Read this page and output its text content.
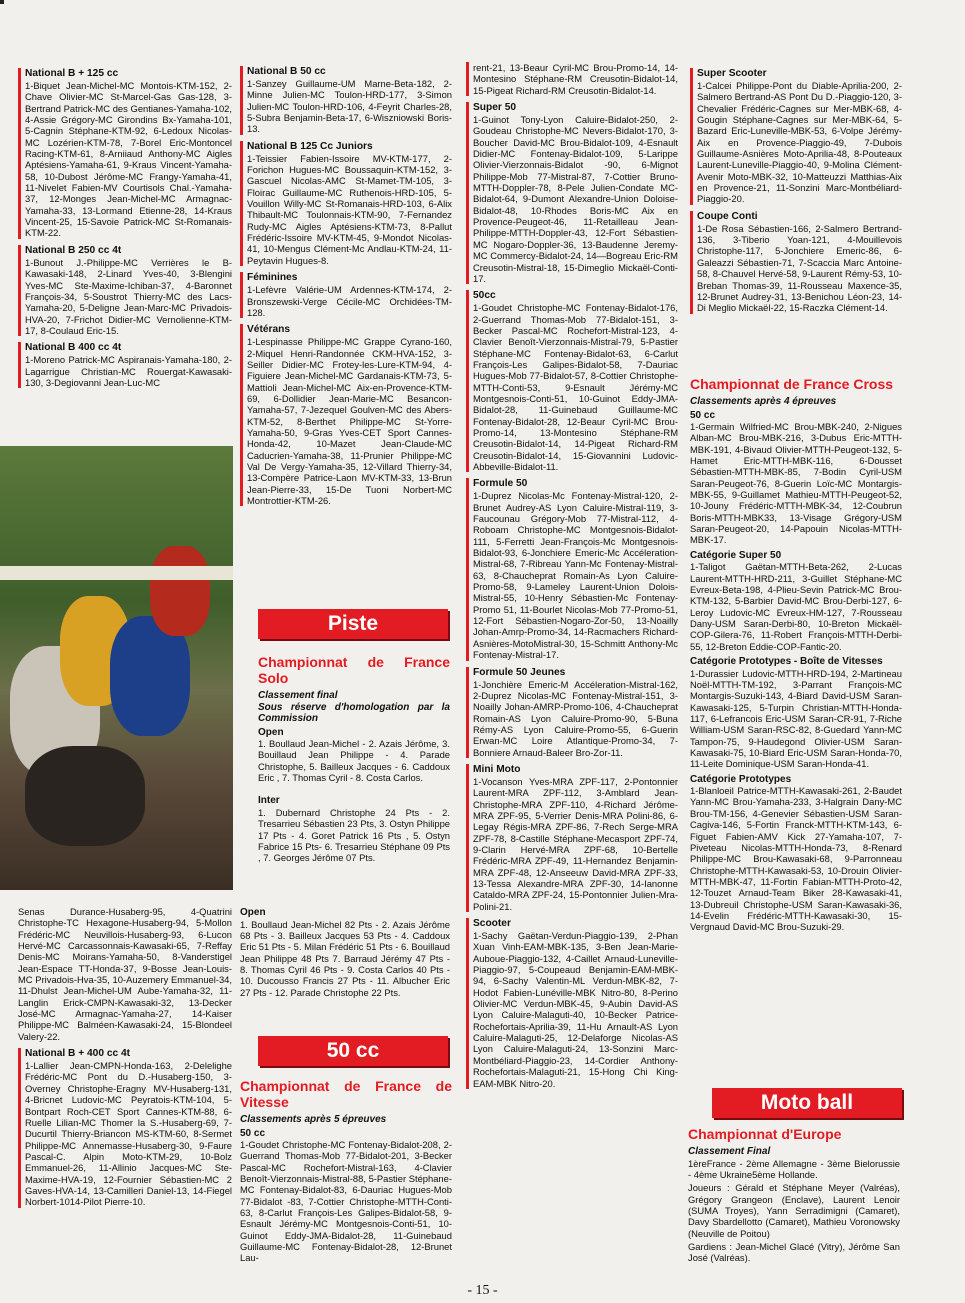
National B + 125 cc

1-Biquet Jean-Michel-MC Montois-KTM-152, 2-Chave Olivier-MC St-Marcel-Gas Gas-128, 3-Bertrand Patrick-MC des Gentianes-Yamaha-102, 4-Assie Grégory-MC Girondins Bx-Yamaha-101, 5-Cagnin Stéphane-KTM-92, 6-Ledoux Nicolas-MC Lozérien-KTM-78, 7-Borel Eric-Montoncel Racing-KTM-61, 8-Arniiaud Anthony-MC Aigles Aptésiens-Yamaha-61, 9-Kraus Vincent-Yamaha-58, 10-Dubost Jérôme-MC Frangy-Yamaha-41, 11-Nivelet Fabien-MV Courtisols Chal.-Yamaha-37, 12-Monges Jean-Michel-MC Armagnac-Yamaha-33, 13-Lormand Etienne-28, 14-Kraus Vincent-25, 15-Savoie Patrick-MC St-Romanais-KTM-22.

National B 250 cc 4t

1-Bunout J.-Philippe-MC Verrières le B-Kawasaki-148, 2-Linard Yves-40, 3-Blengini Yves-MC Ste-Maxime-Ichiban-37, 4-Baronnet François-34, 5-Soustrot Thierry-MC des Lacs-Yamaha-20, 5-Deligne Jean-Marc-MC Privadois-HVA-20, 7-Frichot Didier-MC Vernolienne-KTM-17, 8-Coulaud Eric-15.

National B 400 cc 4t

1-Moreno Patrick-MC Aspiranais-Yamaha-180, 2-Lagarrigue Christian-MC Rouergat-Kawasaki-130, 3-Degiovanni Jean-Luc-MC

Senas Durance-Husaberg-95, 4-Quatrini Christophe-TC Hexagone-Husaberg-94, 5-Mollon Frédéric-MC Neuvillois-Husaberg-93, 6-Lucon Hervé-MC Carcassonnais-Kawasaki-65, 7-Reffay Denis-MC Moirans-Yamaha-50, 8-Vanderstigel Jean-Espace TT-Honda-37, 9-Bosse Jean-Louis-MC Privadois-Hva-35, 10-Auzemery Emmanuel-34, 11-Dhulst Jean-Michel-UM Aube-Yamaha-32, 11-Langlin Erick-CMPN-Kawasaki-32, 13-Decker José-MC Armagnac-Yamaha-27, 14-Kaiser Philippe-MC Balméen-Kawasaki-24, 15-Blondeel Valery-22.

National B + 400 cc 4t

1-Lallier Jean-CMPN-Honda-163, 2-Delelighe Frédéric-MC Pont du D.-Husaberg-150, 3-Overney Christophe-Eragny MV-Husaberg-131, 4-Bricnet Ludovic-MC Peyratois-KTM-104, 5-Bontpart Roch-CET Sport Cannes-KTM-88, 6-Ruelle Lilian-MC Thomer la S.-Husaberg-69, 7-Ducurtil Thierry-Briancon MS-KTM-60, 8-Sermet Philippe-MC Annemasse-Husaberg-30, 9-Faure Pascal-C. Alpin Moto-KTM-29, 10-Bolz Emmanuel-26, 11-Allinio Jacques-MC Ste-Maxime-HVA-19, 12-Fournier Sébastien-MC 2 Gaves-HVA-14, 13-Camilleri Daniel-13, 14-Fiegel Norbert-1014-Pilot Pierre-10.

National B 50 cc

1-Sanzey Guillaume-UM Marne-Beta-182, 2-Minne Julien-MC Toulon-HRD-177, 3-Simon Julien-MC Toulon-HRD-106, 4-Feyrit Charles-28, 5-Subra Benjamin-Beta-17, 6-Wiszniowski Boris-13.

National B 125 Cc Juniors

1-Teissier Fabien-Issoire MV-KTM-177, 2-Forichon Hugues-MC Boussaquin-KTM-152, 3-Gascuel Nicolas-AMC St-Mamet-TM-105, 3-Floirac Guillaume-MC Ruthenois-HRD-105, 5-Vouillon Willy-MC St-Romanais-HRD-103, 6-Alix Thibault-MC Toulonnais-KTM-90, 7-Fernandez Rudy-MC Aigles Aptésiens-KTM-73, 8-Pallut Frédéric-Issoire MV-KTM-45, 9-Mondot Nicolas-41, 10-Mengus Clément-Mc Andlau-KTM-24, 11-Peytavin Hugues-8.

Féminines

1-Lefèvre Valérie-UM Ardennes-KTM-174, 2-Bronszewski-Verge Cécile-MC Orchidées-TM-128.

Vétérans

1-Lespinasse Philippe-MC Grappe Cyrano-160, 2-Miquel Henri-Randonnée CKM-HVA-152, 3-Seiller Didier-MC Frotey-les-Lure-KTM-94, 4-Figuiere Jean-Michel-MC Gardanais-KTM-73, 5-Mattioli Jean-Michel-MC Aix-en-Provence-KTM-69, 6-Dollidier Jean-Marie-MC Besancon-Yamaha-57, 7-Jezequel Goulven-MC des Abers-KTM-52, 8-Berthet Philippe-MC St-Yorre-Yamaha-50, 9-Gras Yves-CET Sport Cannes-Honda-42, 10-Mazet Jean-Claude-MC Caducrien-Yamaha-38, 11-Prunier Philippe-MC Val De Vergy-Yamaha-35, 12-Villard Thierry-34, 13-Compère Patrice-Laon MV-KTM-33, 13-Brun Jean-Pierre-33, 15-De Tuoni Norbert-MC Montrottier-KTM-26.

Piste
Championnat de France Solo
Classement final
Sous réserve d'homologation par la Commission
Open

1. Boullaud Jean-Michel - 2. Azais Jérôme, 3. Bouillaud Jean Philippe - 4. Parade Christophe, 5. Bailleux Jacques - 6. Caddoux Eric , 7. Thomas Cyril - 8. Costa Carlos.

Inter

1. Dubernard Christophe 24 Pts - 2. Tresarrieu Sébastien 23 Pts, 3. Ostyn Philippe 17 Pts - 4. Goret Patrick 16 Pts , 5. Ostyn Fabrice 15 Pts- 6. Tresarrieu Stéphane 09 Pts , 7. Georges Jérôme 07 Pts.

Open

1. Boullaud Jean-Michel 82 Pts - 2. Azais Jérôme 68 Pts - 3. Bailleux Jacques 53 Pts - 4. Caddoux Eric 51 Pts - 5. Milan Frédéric 51 Pts - 6. Bouillaud Jean Philippe 48 Pts 7. Barraud Jérémy 47 Pts - 8. Thomas Cyril 46 Pts - 9. Costa Carlos 40 Pts - 10. Ducousso Francis 27 Pts - 11. Albucher Eric 27 Pts - 12. Parade Christophe 22 Pts.

50 cc
Championnat de France de Vitesse
Classements après 5 épreuves
50 cc

1-Goudet Christophe-MC Fontenay-Bidalot-208, 2-Guerrand Thomas-Mob 77-Bidalot-201, 3-Becker Pascal-MC Rochefort-Mistral-163, 4-Clavier Benoît-Vierzonnais-Mistral-88, 5-Pastier Stéphane-MC Fontenay-Bidalot-83, 6-Dauriac Hugues-Mob 77-Bidalot -83, 7-Cottier Christophe-MTTH-Conti-63, 8-Carlut François-Les Galipes-Bidalot-58, 9-Esnault Jérémy-MC Montgesnois-Conti-51, 10-Guinot Eddy-JMA-Bidalot-28, 11-Guinebaud Guillaume-MC Fontenay-Bidalot-28, 12-Brunet Lau-

rent-21, 13-Beaur Cyril-MC Brou-Promo-14, 14-Montesino Stéphane-RM Creusotin-Bidalot-14, 15-Pigeat Richard-RM Creusotin-Bidalot-14.

Super 50

1-Guinot Tony-Lyon Caluire-Bidalot-250, 2-Goudeau Christophe-MC Nevers-Bidalot-170, 3-Boucher David-MC Brou-Bidalot-109, 4-Esnault Didier-MC Fontenay-Bidalot-109, 5-Larippe Olivier-Vierzonnais-Bidalot -90, 6-Mignot Philippe-Mob 77-Mistral-87, 7-Cottier Bruno-MTTH-Doppler-78, 8-Pele Julien-Condate MC-Bidalot-64, 9-Dumont Alexandre-Union Doloise-Bidalot-48, 10-Rhodes Boris-MC Aix en Provence-Peugeot-46, 11-Retailleau Jean-Philippe-MTTH-Doppler-43, 12-Fort Sébastien-MC Nogaro-Doppler-36, 13-Baudenne Jeremy-MC Commercy-Bidalot-24, 14—Bogreau Eric-RM Creusotin-Mistral-18, 15-Dimeglio Mickaël-Conti-17.

50cc

1-Goudet Christophe-MC Fontenay-Bidalot-176, 2-Guerrand Thomas-Mob 77-Bidalot-151, 3-Becker Pascal-MC Rochefort-Mistral-123, 4-Clavier Benoît-Vierzonnais-Mistral-79, 5-Pastier Stéphane-MC Fontenay-Bidalot-63, 6-Carlut François-Les Galipes-Bidalot-58, 7-Dauriac Hugues-Mob 77-Bidalot-57, 8-Cottier Christophe-MTTH-Conti-53, 9-Esnault Jérémy-MC Montgesnois-Conti-51, 10-Guinot Eddy-JMA-Bidalot-28, 11-Guinebaud Guillaume-MC Fontenay-Bidalot-28, 12-Beaur Cyril-MC Brou-Promo-14, 13-Montesino Stéphane-RM Creusotin-Bidalot-14, 14-Pigeat Richard-RM Creusotin-Bidalot-14, 15-Giovannini Ludovic-Abbeville-Bidalot-11.

Formule 50

1-Duprez Nicolas-Mc Fontenay-Mistral-120, 2-Brunet Audrey-AS Lyon Caluire-Mistral-119, 3-Faucounau Grégory-Mob 77-Mistral-112, 4-Roboam Christophe-MC Montgesnois-Bidalot-111, 5-Ferretti Jean-François-Mc Montgesnois-Bidalot-93, 6-Jonchiere Emeric-Mc Accéleration-Mistral-68, 7-Ribreau Yann-Mc Fontenay-Mistral-63, 8-Chaucheprat Romain-As Lyon Caluire-Promo-58, 9-Lameley Laurent-Union Dolois-Mistral-55, 10-Henry Sébastien-Mc Fontenay-Promo 51, 11-Bourlet Nicolas-Mob 77-Promo-51, 12-Fort Sébastien-Nogaro-Zor-50, 13-Noailly Johan-Amrp-Promo-34, 14-Racmachers Richard-Asnières-MotoMistral-30, 15-Schmitt Anthony-Mc Fontenay-Mistral-17.

Formule 50 Jeunes

1-Jonchière Emeric-M Accéleration-Mistral-162, 2-Duprez Nicolas-MC Fontenay-Mistral-151, 3-Noailly Johan-AMRP-Promo-106, 4-Chaucheprat Romain-AS Lyon Caluire-Promo-90, 5-Buna Rémy-AS Lyon Caluire-Promo-55, 6-Guerin Erwan-MC Loire Atlantique-Promo-34, 7-Bonniere Arnaud-Baleer Bro-Zor-11.

Mini Moto

1-Vocanson Yves-MRA ZPF-117, 2-Pontonnier Laurent-MRA ZPF-112, 3-Amblard Jean-Christophe-MRA ZPF-110, 4-Richard Jérôme-MRA ZPF-95, 5-Verrier Denis-MRA Polini-86, 6-Legay Régis-MRA ZPF-86, 7-Rech Serge-MRA ZPF-78, 8-Castille Stéphane-Mecasport ZPF-74, 9-Clarin Hervé-MRA ZPF-68, 10-Bertelle Frédéric-MRA ZPF-49, 11-Hernandez Benjamin-MRA ZPF-48, 12-Anseeuw David-MRA ZPF-33, 13-Tessa Alexandre-MRA ZPF-30, 14-Ianonne Cataldo-MRA ZPF-24, 15-Pontonnier Julien-Mra-Polini-21.

Scooter

1-Sachy Gaëtan-Verdun-Piaggio-139, 2-Phan Xuan Vinh-EAM-MBK-135, 3-Ben Jean-Marie-Auboue-Piaggio-132, 4-Caillet Arnaud-Luneville-Piaggio-97, 5-Coupeaud Benjamin-EAM-MBK-94, 6-Sachy Valentin-ML Verdun-MBK-82, 7-Hodot Fabien-Lunéville-MBK Nitro-80, 8-Perino Olivier-MC Verdun-MBK-45, 9-Aubin David-AS Lyon Caluire-Malaguti-40, 10-Becker Patrice-Rochefortais-Aprilia-39, 11-Hu Arnault-AS Lyon Caluire-Malaguti-25, 12-Delaforge Nicolas-AS Lyon Caluire-Malaguti-24, 13-Sonzini Marc-Montbéliard-Piaggio-23, 14-Cordier Anthony-Rochefortais-Malaguti-21, 15-Hong Chi King-EAM-MBK Nitro-20.

Super Scooter

1-Calcei Philippe-Pont du Diable-Aprilia-200, 2-Salmero Bertrand-AS Pont Du D.-Piaggio-120, 3-Chevalier Frédéric-Cagnes sur Mer-MBK-68, 4-Gougin Stéphane-Cagnes sur Mer-MBK-64, 5-Bazard Eric-Luneville-MBK-53, 6-Volpe Jérémy-Aix en Provence-Piaggio-49, 7-Dubois Guillaume-Asnières Moto-Aprilia-48, 8-Pouteaux Laurent-Luneville-Piaggio-40, 9-Molina Clément-Avenir Moto-MBK-32, 10-Matteuzzi Matthias-Aix en Provence-21, 11-Sonzini Marc-Montbéliard-Piaggio-20.

Coupe Conti

1-De Rosa Sébastien-166, 2-Salmero Bertrand-136, 3-Tiberio Yoan-121, 4-Mouillevois Christophe-117, 5-Jonchiere Emeric-86, 6-Galeazzi Sébastien-71, 7-Scaccia Marc Antoine-58, 8-Chauvel Hervé-58, 9-Laurent Rémy-53, 10-Breban Thomas-39, 11-Rousseau Maxence-35, 12-Brunet Audrey-31, 13-Benichou Léon-23, 14-Di Meglio Mickaël-22, 15-Raczka Clément-14.

Championnat de France Cross
Classements après 4 épreuves
50 cc

1-Germain Wilfried-MC Brou-MBK-240, 2-Nigues Alban-MC Brou-MBK-216, 3-Dubus Eric-MTTH-MBK-191, 4-Bivaud Olivier-MTTH-Peugeot-132, 5-Hamet Eric-MTTH-MBK-116, 6-Dousset Sébastien-MTTH-MBK-85, 7-Bodin Cyril-USM Saran-Peugeot-76, 8-Guerin Loïc-MC Montargis-MBK-55, 9-Guillamet Mathieu-MTTH-Peugeot-52, 10-Jouny Frédéric-MTTH-MBK-34, 12-Coubrun Boris-MTTH-MBK33, 13-Visage Grégory-USM Saran-Peugeot-20, 14-Papouin Nicolas-MTTH-MBK-17.

Catégorie Super 50

1-Taligot Gaëtan-MTTH-Beta-262, 2-Lucas Laurent-MTTH-HRD-211, 3-Guillet Stéphane-MC Evreux-Beta-198, 4-Plieu-Sevin Patrick-MC Brou-KTM-132, 5-Barbier David-MC Brou-Derbi-127, 6-Leroy Ludovic-MC Evreux-HM-127, 7-Rousseau Dany-USM Saran-Derbi-80, 10-Breton Mickaël-COP-Gilera-76, 11-Robert François-MTTH-Derbi-55, 12-Breton Eddie-COP-Fantic-20.

Catégorie Prototypes - Boîte de Vitesses

1-Durassier Ludovic-MTTH-HRD-194, 2-Martineau Noël-MTTH-TM-192, 3-Parrant François-MC Montargis-Suzuki-143, 4-Biard David-USM Saran-Kawasaki-125, 5-Turpin Christian-MTTH-Honda-117, 6-Lefrancois Eric-USM Saran-CR-91, 7-Riche William-USM Saran-RSC-82, 8-Guedard Yann-MC Tampon-75, 9-Haudegond Olivier-USM Saran-Kawasaki-75, 10-Biard Eric-USM Saran-Honda-70, 11-Leite Dominique-USM Saran-Honda-41.

Catégorie Prototypes

1-Blanloeil Patrice-MTTH-Kawasaki-261, 2-Baudet Yann-MC Brou-Yamaha-233, 3-Halgrain Dany-MC Brou-TM-156, 4-Genevier Sébastien-USM Saran-Cagiva-146, 5-Fortin Franck-MTTH-KTM-143, 6-Figuet Fabien-AMV Kick 27-Yamaha-107, 7-Piveteau Nicolas-MTTH-Honda-73, 8-Renard Philippe-MC Brou-Kawasaki-68, 9-Parronneau Christophe-MTTH-Kawasaki-53, 10-Drouin Olivier-MTTH-MBK-47, 11-Fortin Fabian-MTTH-Proto-42, 12-Touzet Arnaud-Team Biker 28-Kawasaki-41, 13-Dubreuil Christophe-USM Saran-Kawasaki-36, 14-Evelin Frédéric-MTTH-Kawasaki-30, 15-Vergnaud David-MC Brou-Suzuki-29.

Moto ball
Championnat d'Europe
Classement Final

1èreFrance - 2ème Allemagne - 3ème Bielorussie - 4ème Ukraine5ème Hollande.

Joueurs : Gérald et Stéphane Meyer (Valréas), Grégory Grangeon (Enclave), Laurent Lenoir (SUMA Troyes), Yann Serradimigni (Camaret), Davy Sbardellotto (Camaret), Mathieu Voronowsky (Neuville de Poitou)

Gardiens : Jean-Michel Glacé (Vitry), Jérôme San José (Valréas).

- 15 -
